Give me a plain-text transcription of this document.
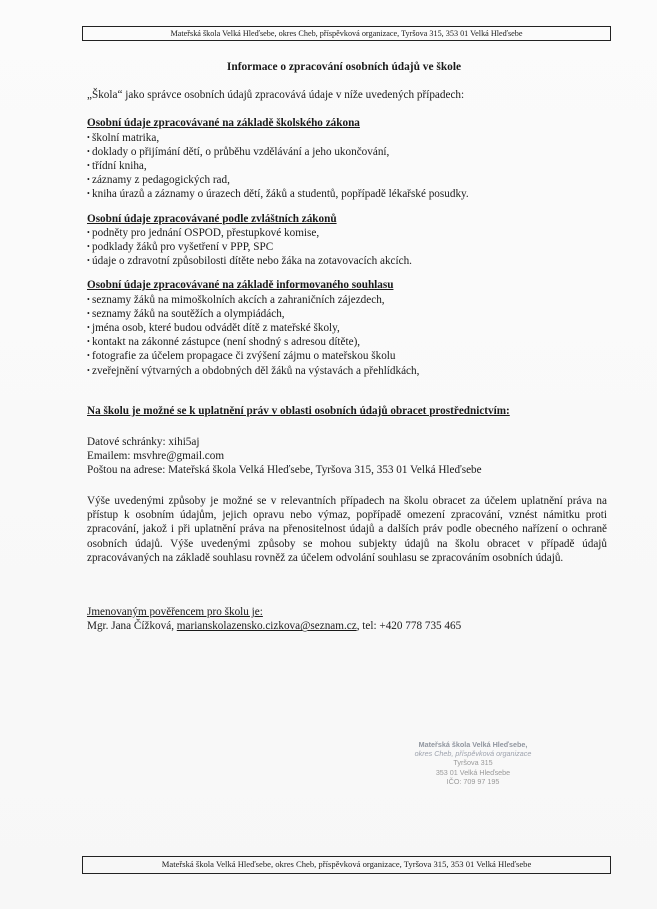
Mateřská škola Velká Hleďsebe, okres Cheb, příspěvková organizace, Tyršova 315, 353 01 Velká Hleďsebe
Informace o zpracování osobních údajů ve škole
„Škola“ jako správce osobních údajů zpracovává údaje v níže uvedených případech:
Osobní údaje zpracovávané na základě školského zákona
• školní matrika,
• doklady o přijímání dětí, o průběhu vzdělávání a jeho ukončování,
• třídní kniha,
• záznamy z pedagogických rad,
• kniha úrazů a záznamy o úrazech dětí, žáků a studentů, popřípadě lékařské posudky.
Osobní údaje zpracovávané podle zvláštních zákonů
• podněty pro jednání OSPOD, přestupkové komise,
• podklady žáků pro vyšetření v PPP, SPC
• údaje o zdravotní způsobilosti dítěte nebo žáka na zotavovacích akcích.
Osobní údaje zpracovávané na základě informovaného souhlasu
• seznamy žáků na mimoškolních akcích a zahraničních zájezdech,
• seznamy žáků na soutěžích a olympiádách,
• jména osob, které budou odvádět dítě z mateřské školy,
• kontakt na zákonné zástupce (není shodný s adresou dítěte),
• fotografie za účelem propagace či zvýšení zájmu o mateřskou školu
• zveřejnění výtvarných a obdobných děl žáků na výstavách a přehlídkách,
Na školu je možné se k uplatnění práv v oblasti osobních údajů obracet prostřednictvím:
Datové schránky: xihi5aj
Emailem: msvhre@gmail.com
Poštou na adrese: Mateřská škola Velká Hleďsebe, Tyršova 315, 353 01 Velká Hleďsebe
Výše uvedenými způsoby je možné se v relevantních případech na školu obracet za účelem uplatnění práva na přístup k osobním údajům, jejich opravu nebo výmaz, popřípadě omezení zpracování, vznést námitku proti zpracování, jakož i při uplatnění práva na přenositelnost údajů a dalších práv podle obecného nařízení o ochraně osobních údajů. Výše uvedenými způsoby se mohou subjekty údajů na školu obracet v případě údajů zpracovávaných na základě souhlasu rovněž za účelem odvolání souhlasu se zpracováním osobních údajů.
Jmenovaným pověřencem pro školu je:
Mgr. Jana Čížková, marianskolazensko.cizkova@seznam.cz, tel: +420 778 735 465
Mateřská škola Velká Hleďsebe,
okres Cheb, příspěvková organizace
Tyršova 315
353 01 Velká Hleďsebe
IČO: 709 97 195
Mateřská škola Velká Hleďsebe, okres Cheb, příspěvková organizace, Tyršova 315, 353 01 Velká Hleďsebe
